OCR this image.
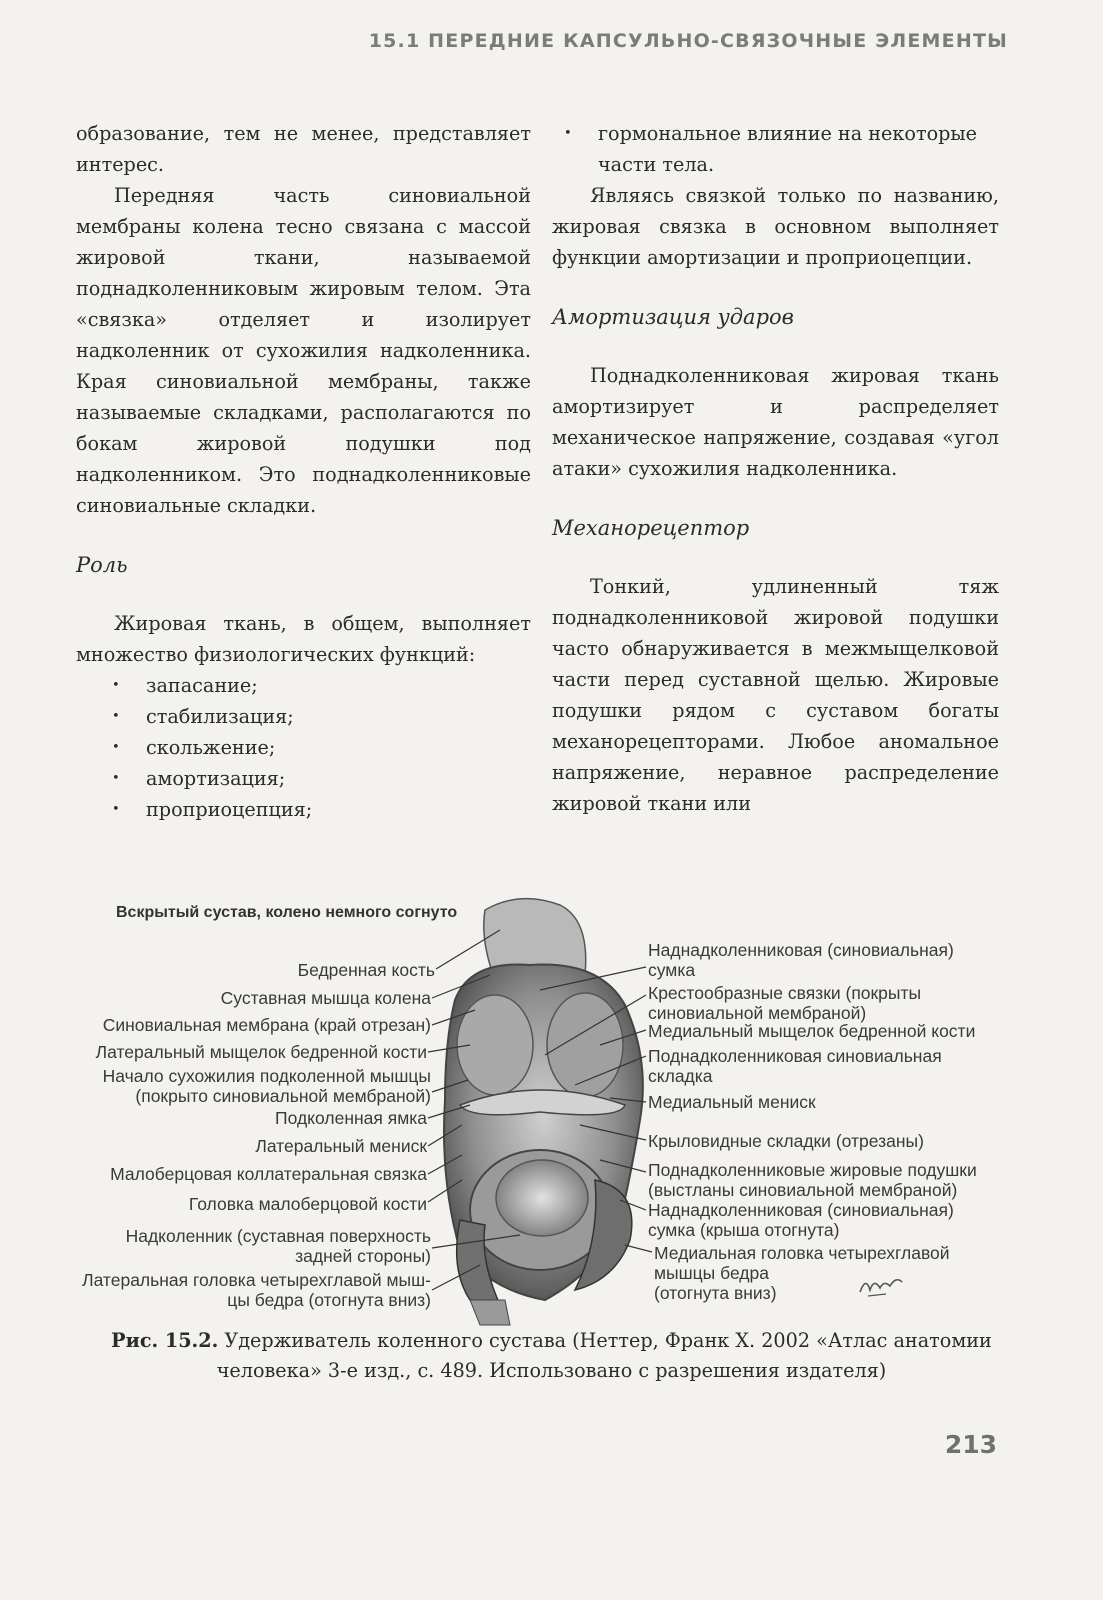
15.1 ПЕРЕДНИЕ КАПСУЛЬНО-СВЯЗОЧНЫЕ ЭЛЕМЕНТЫ

образование, тем не менее, представляет интерес.

Передняя часть синовиальной мембраны колена тесно связана с массой жировой ткани, называемой поднадколенниковым жировым телом. Эта «связка» отделяет и изолирует надколенник от сухожилия надколенника. Края синовиальной мембраны, также называемые складками, располагаются по бокам жировой подушки под надколенником. Это поднадколенниковые синовиальные складки.

Роль

Жировая ткань, в общем, выполняет множество физиологических функций:

• запасание;
• стабилизация;
• скольжение;
• амортизация;
• проприоцепция;
• гормональное влияние на некоторые части тела.

Являясь связкой только по названию, жировая связка в основном выполняет функции амортизации и проприоцепции.

Амортизация ударов

Поднадколенниковая жировая ткань амортизирует и распределяет механическое напряжение, создавая «угол атаки» сухожилия надколенника.

Механорецептор

Тонкий, удлиненный тяж поднадколенниковой жировой подушки часто обнаруживается в межмыщелковой части перед суставной щелью. Жировые подушки рядом с суставом богаты механорецепторами. Любое аномальное напряжение, неравное распределение жировой ткани или

Вскрытый сустав, колено немного согнуто
Бедренная кость
Суставная мышца колена
Синовиальная мембрана (край отрезан)
Латеральный мыщелок бедренной кости
Начало сухожилия подколенной мышцы
(покрыто синовиальной мембраной)
Подколенная ямка
Латеральный мениск
Малоберцовая коллатеральная связка
Головка малоберцовой кости
Надколенник (суставная поверхность
задней стороны)
Латеральная головка четырехглавой мыш-
цы бедра (отогнута вниз)
Наднадколенниковая (синовиальная)
сумка
Крестообразные связки (покрыты
синовиальной мембраной)
Медиальный мыщелок бедренной кости
Поднадколенниковая синовиальная
складка
Медиальный мениск
Крыловидные складки (отрезаны)
Поднадколенниковые жировые подушки
(выстланы синовиальной мембраной)
Наднадколенниковая (синовиальная)
сумка (крыша отогнута)
Медиальная головка четырехглавой
мышцы бедра
(отогнута вниз)
Рис. 15.2. Удерживатель коленного сустава (Неттер, Франк Х. 2002 «Атлас анатомии человека» 3-е изд., с. 489. Использовано с разрешения издателя)
213
